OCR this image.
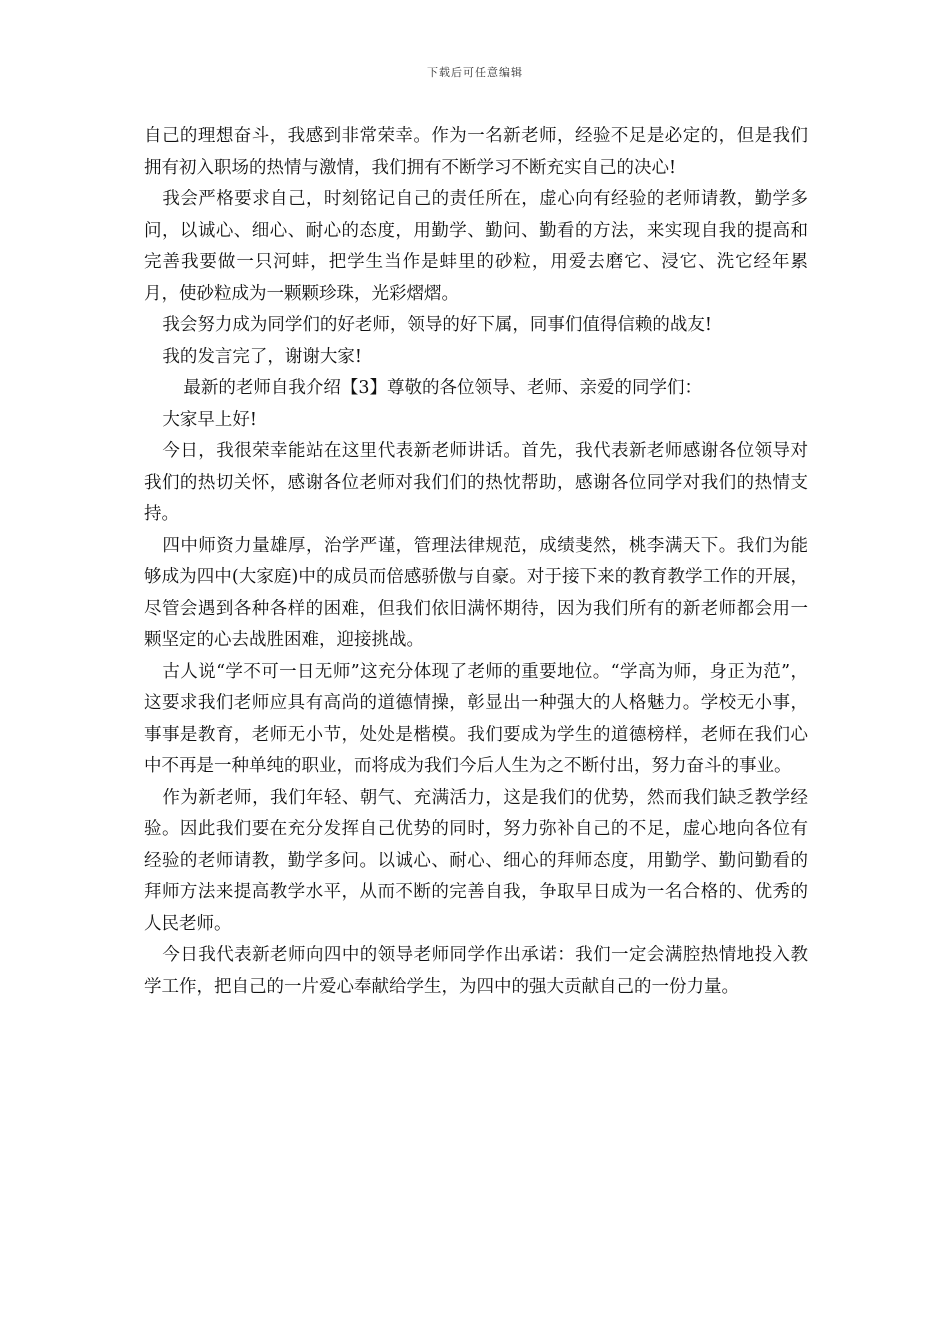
下载后可任意编辑

自己的理想奋斗，我感到非常荣幸。作为一名新老师，经验不足是必定的，但是我们拥有初入职场的热情与激情，我们拥有不断学习不断充实自己的决心!

我会严格要求自己，时刻铭记自己的责任所在，虚心向有经验的老师请教，勤学多问，以诚心、细心、耐心的态度，用勤学、勤问、勤看的方法，来实现自我的提高和完善我要做一只河蚌，把学生当作是蚌里的砂粒，用爱去磨它、浸它、洗它经年累月，使砂粒成为一颗颗珍珠，光彩熠熠。

我会努力成为同学们的好老师，领导的好下属，同事们值得信赖的战友!

我的发言完了，谢谢大家!

最新的老师自我介绍【3】尊敬的各位领导、老师、亲爱的同学们：

大家早上好!

今日，我很荣幸能站在这里代表新老师讲话。首先，我代表新老师感谢各位领导对我们的热切关怀，感谢各位老师对我们们的热忱帮助，感谢各位同学对我们的热情支持。

四中师资力量雄厚，治学严谨，管理法律规范，成绩斐然，桃李满天下。我们为能够成为四中(大家庭)中的成员而倍感骄傲与自豪。对于接下来的教育教学工作的开展，尽管会遇到各种各样的困难，但我们依旧满怀期待，因为我们所有的新老师都会用一颗坚定的心去战胜困难，迎接挑战。

古人说“学不可一日无师”这充分体现了老师的重要地位。“学高为师，身正为范”，这要求我们老师应具有高尚的道德情操，彰显出一种强大的人格魅力。学校无小事，事事是教育，老师无小节，处处是楷模。我们要成为学生的道德榜样，老师在我们心中不再是一种单纯的职业，而将成为我们今后人生为之不断付出，努力奋斗的事业。

作为新老师，我们年轻、朝气、充满活力，这是我们的优势，然而我们缺乏教学经验。因此我们要在充分发挥自己优势的同时，努力弥补自己的不足，虚心地向各位有经验的老师请教，勤学多问。以诚心、耐心、细心的拜师态度，用勤学、勤问勤看的拜师方法来提高教学水平，从而不断的完善自我，争取早日成为一名合格的、优秀的人民老师。

今日我代表新老师向四中的领导老师同学作出承诺：我们一定会满腔热情地投入教学工作，把自己的一片爱心奉献给学生，为四中的强大贡献自己的一份力量。
